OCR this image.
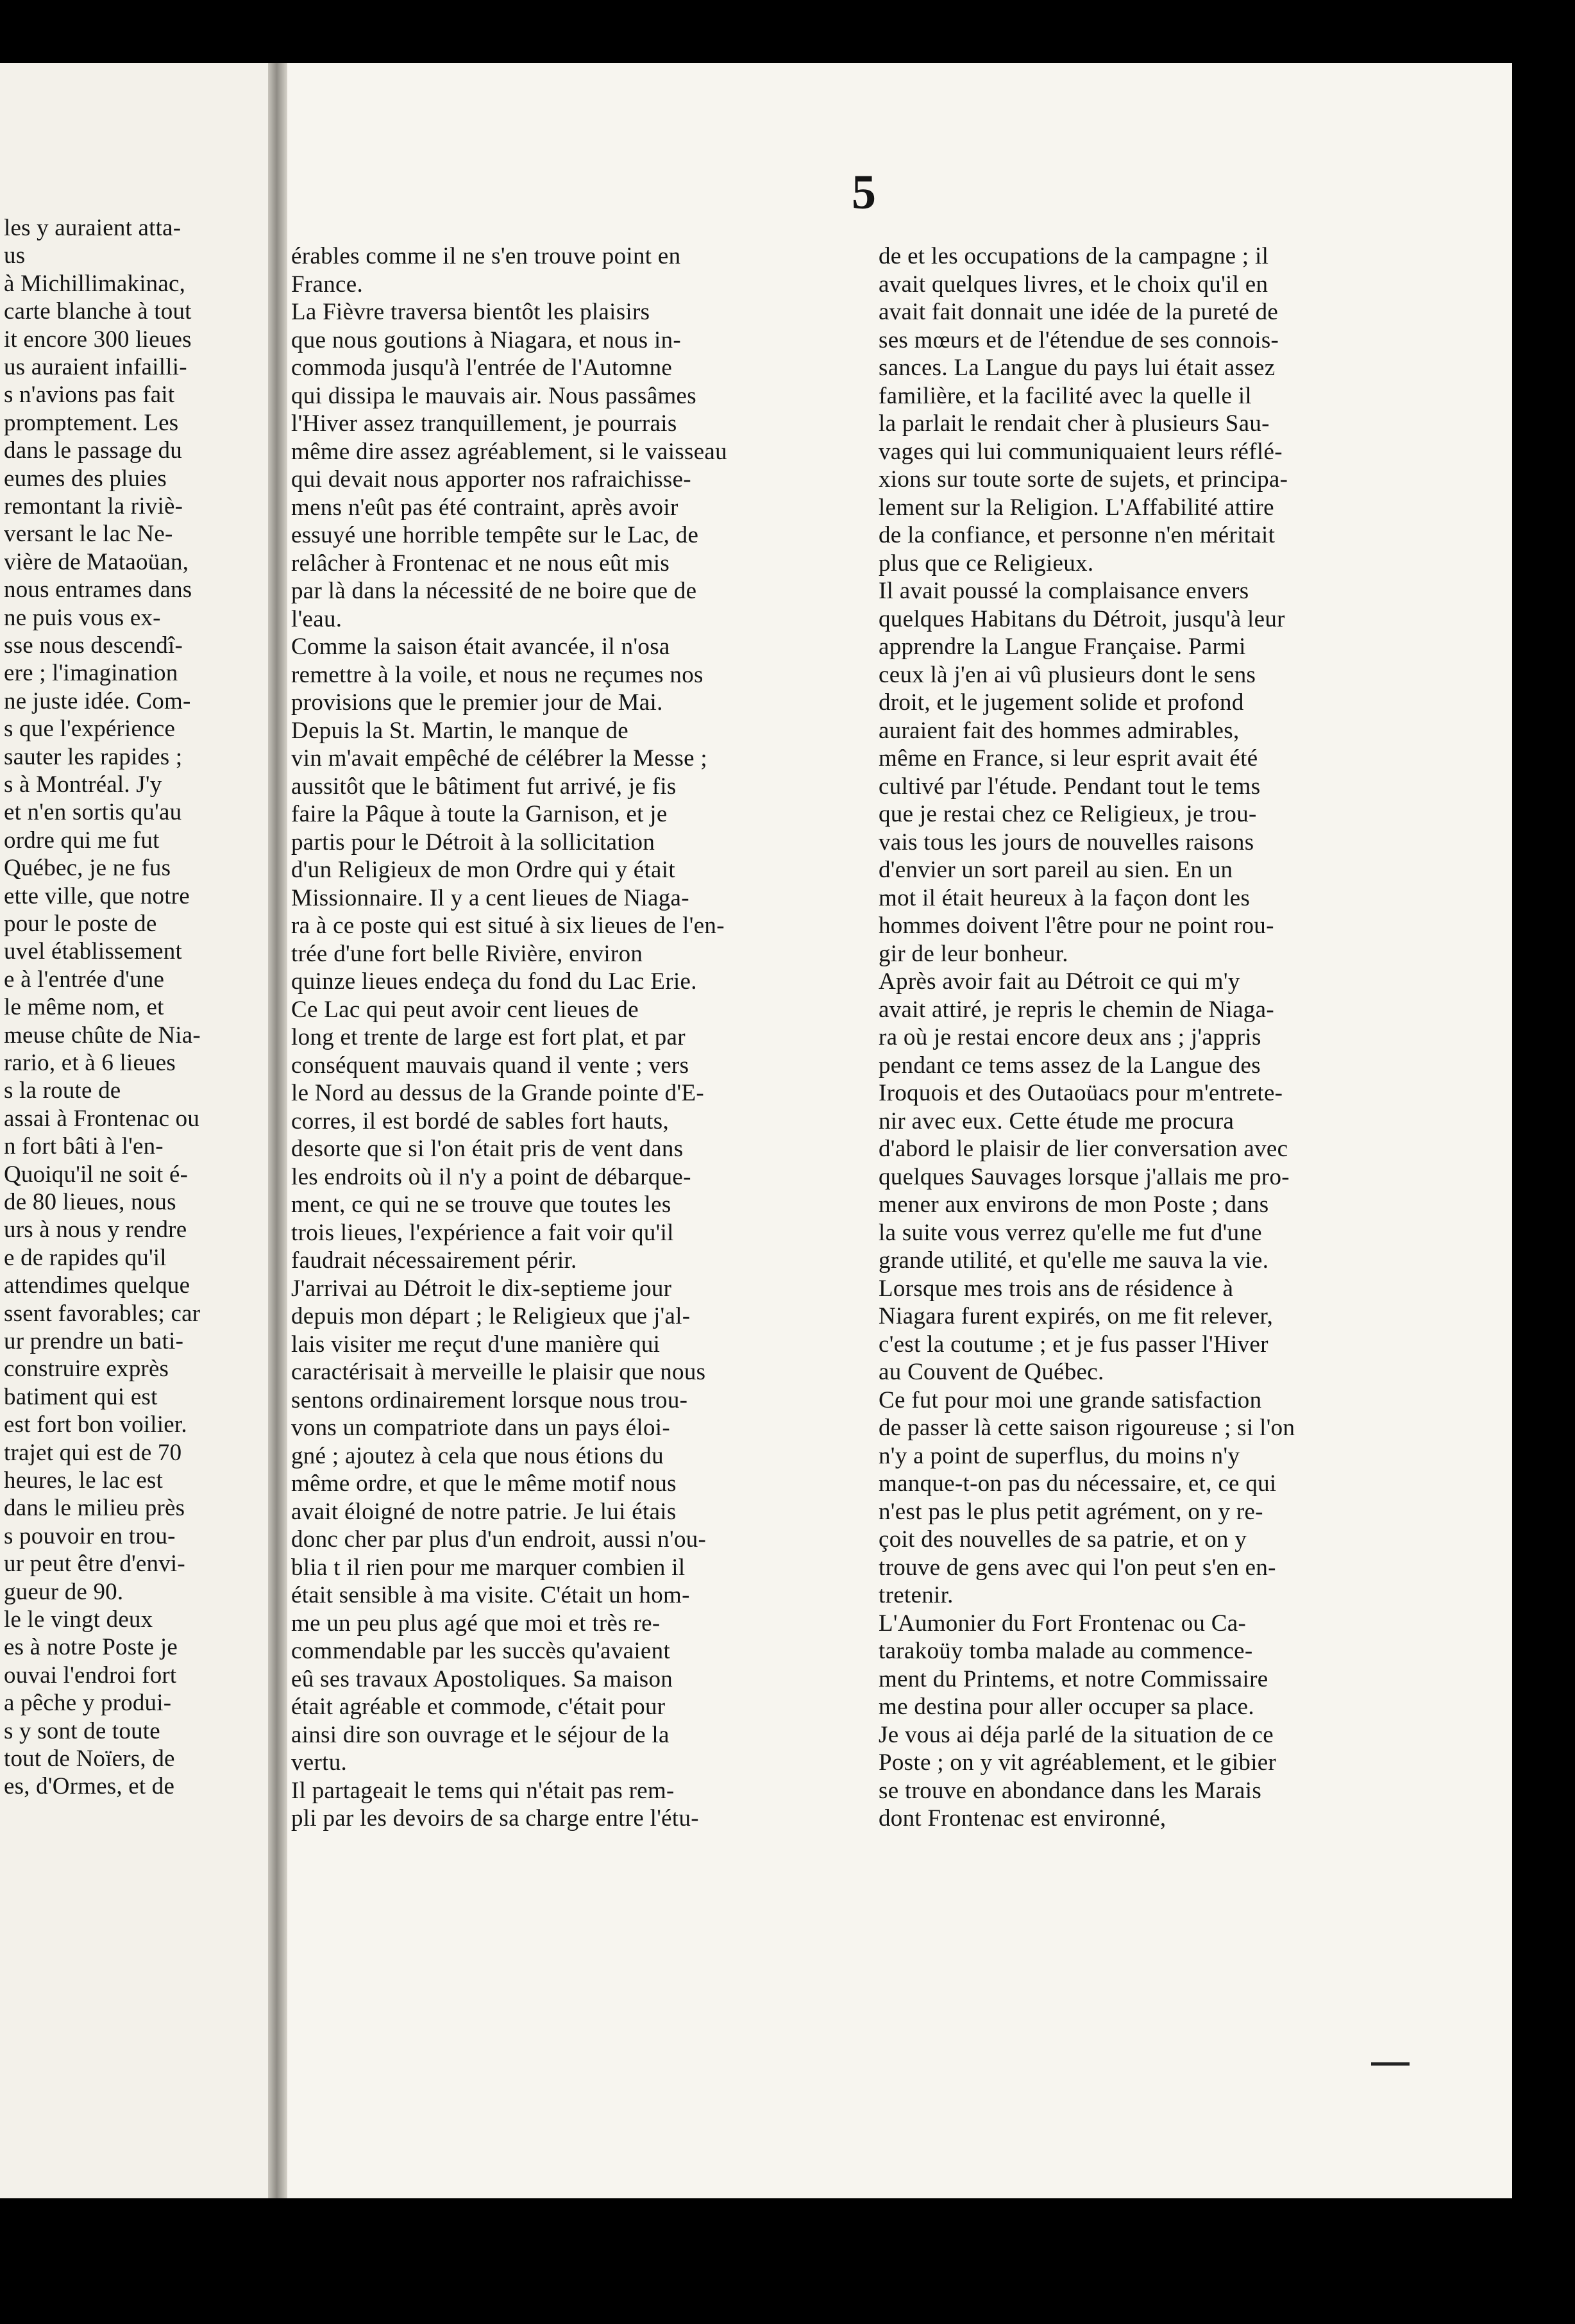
les y auraient atta-
us
à Michillimakinac,
carte blanche à tout
it encore 300 lieues
us auraient infailli-
s n'avions pas fait
promptement. Les
dans le passage du
eumes des pluies
remontant la riviè-
versant le lac Ne-
vière de Mataoüan,
nous entrames dans
ne puis vous ex-
sse nous descendî-
ere ; l'imagination
ne juste idée. Com-
s que l'expérience
sauter les rapides ;
s à Montréal. J'y
et n'en sortis qu'au
ordre qui me fut
Québec, je ne fus
ette ville, que notre
pour le poste de
uvel établissement
e à l'entrée d'une
le même nom, et
meuse chûte de Nia-
rario, et à 6 lieues
s la route de
assai à Frontenac ou
n fort bâti à l'en-
Quoiqu'il ne soit é-
de 80 lieues, nous
urs à nous y rendre
e de rapides qu'il
attendimes quelque
ssent favorables; car
ur prendre un bati-
construire exprès
batiment qui est
est fort bon voilier.
trajet qui est de 70
heures, le lac est
dans le milieu près
s pouvoir en trou-
ur peut être d'envi-
gueur de 90.
le le vingt deux
es à notre Poste je
ouvai l'endroi fort
a pêche y produi-
s y sont de toute
tout de Noïers, de
es, d'Ormes, et de
5
érables comme il ne s'en trouve point en
France.
La Fièvre traversa bientôt les plaisirs
que nous goutions à Niagara, et nous in-
commoda jusqu'à l'entrée de l'Automne
qui dissipa le mauvais air. Nous passâmes
l'Hiver assez tranquillement, je pourrais
même dire assez agréablement, si le vaisseau
qui devait nous apporter nos rafraichisse-
mens n'eût pas été contraint, après avoir
essuyé une horrible tempête sur le Lac, de
relâcher à Frontenac et ne nous eût mis
par là dans la nécessité de ne boire que de
l'eau.
Comme la saison était avancée, il n'osa
remettre à la voile, et nous ne reçumes nos
provisions que le premier jour de Mai.
Depuis la St. Martin, le manque de
vin m'avait empêché de célébrer la Messe ;
aussitôt que le bâtiment fut arrivé, je fis
faire la Pâque à toute la Garnison, et je
partis pour le Détroit à la sollicitation
d'un Religieux de mon Ordre qui y était
Missionnaire. Il y a cent lieues de Niaga-
ra à ce poste qui est situé à six lieues de l'en-
trée d'une fort belle Rivière, environ
quinze lieues endeça du fond du Lac Erie.
Ce Lac qui peut avoir cent lieues de
long et trente de large est fort plat, et par
conséquent mauvais quand il vente ; vers
le Nord au dessus de la Grande pointe d'E-
corres, il est bordé de sables fort hauts,
desorte que si l'on était pris de vent dans
les endroits où il n'y a point de débarque-
ment, ce qui ne se trouve que toutes les
trois lieues, l'expérience a fait voir qu'il
faudrait nécessairement périr.
J'arrivai au Détroit le dix-septieme jour
depuis mon départ ; le Religieux que j'al-
lais visiter me reçut d'une manière qui
caractérisait à merveille le plaisir que nous
sentons ordinairement lorsque nous trou-
vons un compatriote dans un pays éloi-
gné ; ajoutez à cela que nous étions du
même ordre, et que le même motif nous
avait éloigné de notre patrie. Je lui étais
donc cher par plus d'un endroit, aussi n'ou-
blia t il rien pour me marquer combien il
était sensible à ma visite. C'était un hom-
me un peu plus agé que moi et très re-
commendable par les succès qu'avaient
eû ses travaux Apostoliques. Sa maison
était agréable et commode, c'était pour
ainsi dire son ouvrage et le séjour de la
vertu.
Il partageait le tems qui n'était pas rem-
pli par les devoirs de sa charge entre l'étu-
de et les occupations de la campagne ; il
avait quelques livres, et le choix qu'il en
avait fait donnait une idée de la pureté de
ses mœurs et de l'étendue de ses connois-
sances. La Langue du pays lui était assez
familière, et la facilité avec la quelle il
la parlait le rendait cher à plusieurs Sau-
vages qui lui communiquaient leurs réflé-
xions sur toute sorte de sujets, et principa-
lement sur la Religion. L'Affabilité attire
de la confiance, et personne n'en méritait
plus que ce Religieux.
Il avait poussé la complaisance envers
quelques Habitans du Détroit, jusqu'à leur
apprendre la Langue Française. Parmi
ceux là j'en ai vû plusieurs dont le sens
droit, et le jugement solide et profond
auraient fait des hommes admirables,
même en France, si leur esprit avait été
cultivé par l'étude. Pendant tout le tems
que je restai chez ce Religieux, je trou-
vais tous les jours de nouvelles raisons
d'envier un sort pareil au sien. En un
mot il était heureux à la façon dont les
hommes doivent l'être pour ne point rou-
gir de leur bonheur.
Après avoir fait au Détroit ce qui m'y
avait attiré, je repris le chemin de Niaga-
ra où je restai encore deux ans ; j'appris
pendant ce tems assez de la Langue des
Iroquois et des Outaoüacs pour m'entrete-
nir avec eux. Cette étude me procura
d'abord le plaisir de lier conversation avec
quelques Sauvages lorsque j'allais me pro-
mener aux environs de mon Poste ; dans
la suite vous verrez qu'elle me fut d'une
grande utilité, et qu'elle me sauva la vie.
Lorsque mes trois ans de résidence à
Niagara furent expirés, on me fit relever,
c'est la coutume ; et je fus passer l'Hiver
au Couvent de Québec.
Ce fut pour moi une grande satisfaction
de passer là cette saison rigoureuse ; si l'on
n'y a point de superflus, du moins n'y
manque-t-on pas du nécessaire, et, ce qui
n'est pas le plus petit agrément, on y re-
çoit des nouvelles de sa patrie, et on y
trouve de gens avec qui l'on peut s'en en-
tretenir.
L'Aumonier du Fort Frontenac ou Ca-
tarakoüy tomba malade au commence-
ment du Printems, et notre Commissaire
me destina pour aller occuper sa place.
Je vous ai déja parlé de la situation de ce
Poste ; on y vit agréablement, et le gibier
se trouve en abondance dans les Marais
dont Frontenac est environné,
